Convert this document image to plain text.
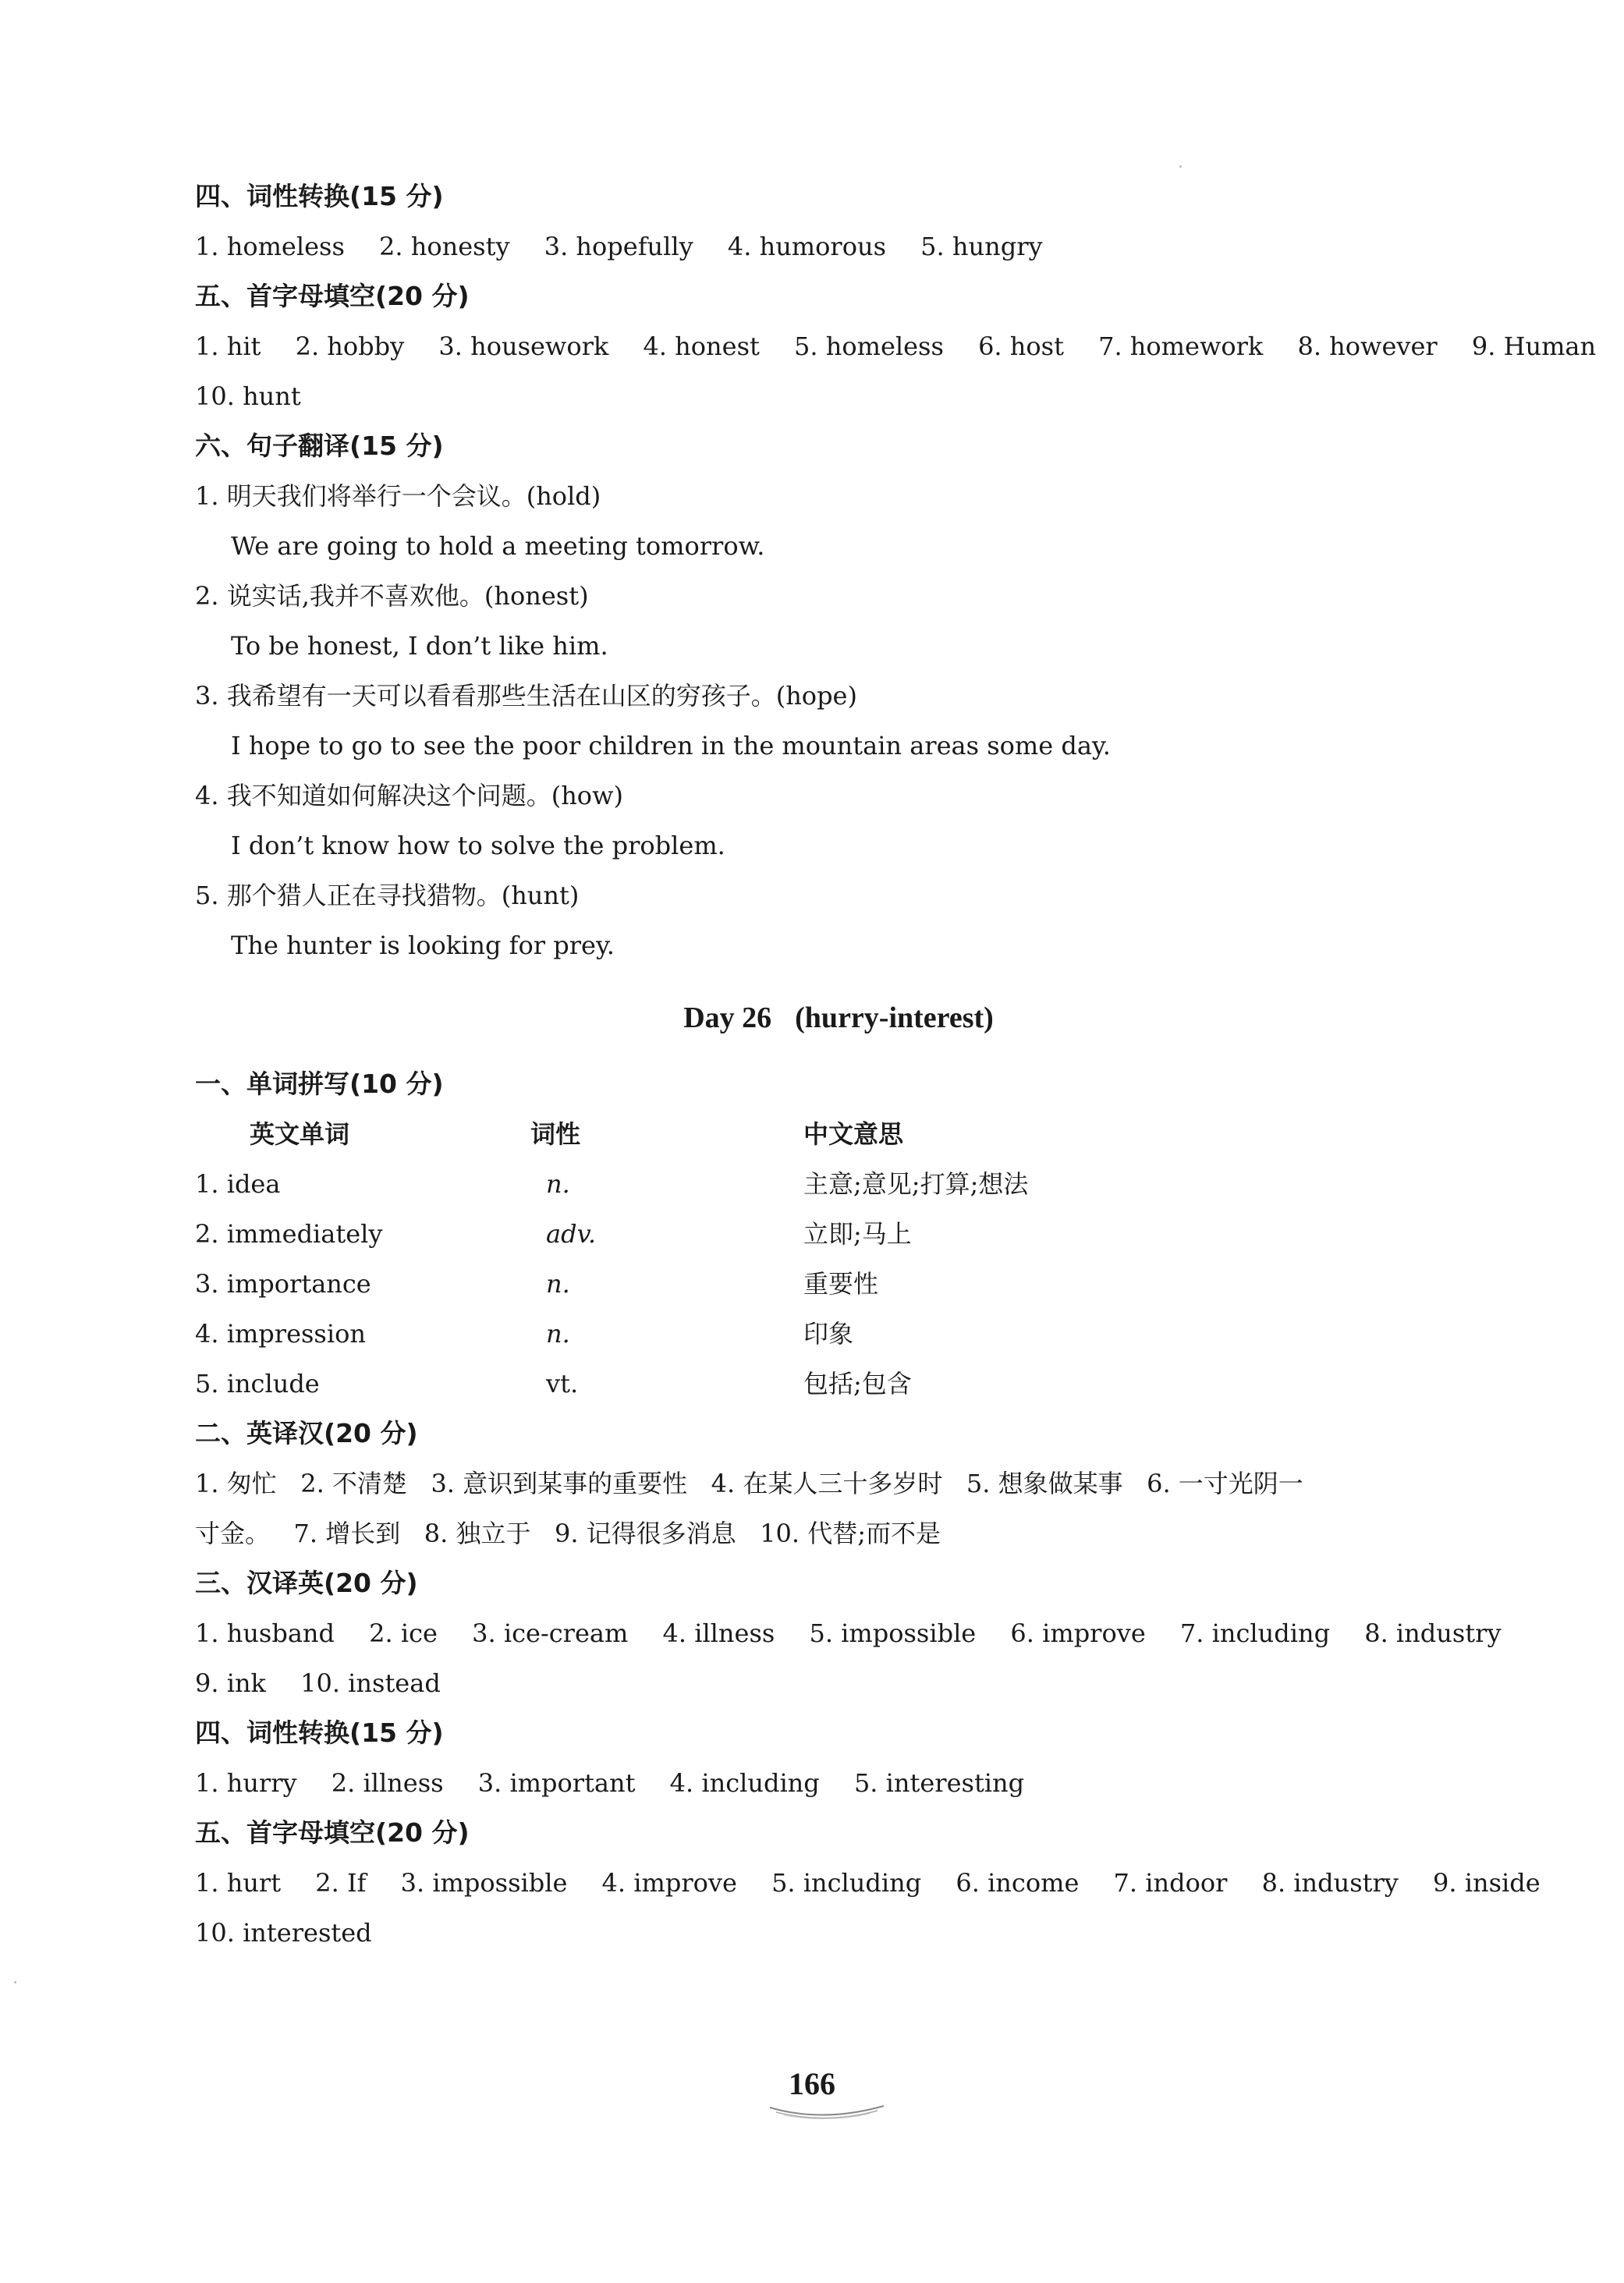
四、词性转换(15 分)
1. homeless 2. honesty 3. hopefully 4. humorous 5. hungry
五、首字母填空(20 分)
1. hit 2. hobby 3. housework 4. honest 5. homeless 6. host 7. homework 8. however 9. Human
10. hunt
六、句子翻译(15 分)
1. 明天我们将举行一个会议。(hold)
We are going to hold a meeting tomorrow.
2. 说实话,我并不喜欢他。(honest)
To be honest, I don’t like him.
3. 我希望有一天可以看看那些生活在山区的穷孩子。(hope)
I hope to go to see the poor children in the mountain areas some day.
4. 我不知道如何解决这个问题。(how)
I don’t know how to solve the problem.
5. 那个猎人正在寻找猎物。(hunt)
The hunter is looking for prey.
Day 26 (hurry-interest)
一、单词拼写(10 分)
英文单词	词性	中文意思
1. idea	n.	主意;意见;打算;想法
2. immediately	adv.	立即;马上
3. importance	n.	重要性
4. impression	n.	印象
5. include	vt.	包括;包含
二、英译汉(20 分)
1. 匆忙   2. 不清楚   3. 意识到某事的重要性   4. 在某人三十多岁时   5. 想象做某事   6. 一寸光阴一
寸金。   7. 增长到   8. 独立于   9. 记得很多消息   10. 代替;而不是
三、汉译英(20 分)
1. husband 2. ice 3. ice-cream 4. illness 5. impossible 6. improve 7. including 8. industry
9. ink 10. instead
四、词性转换(15 分)
1. hurry 2. illness 3. important 4. including 5. interesting
五、首字母填空(20 分)
1. hurt 2. If 3. impossible 4. improve 5. including 6. income 7. indoor 8. industry 9. inside
10. interested
166
